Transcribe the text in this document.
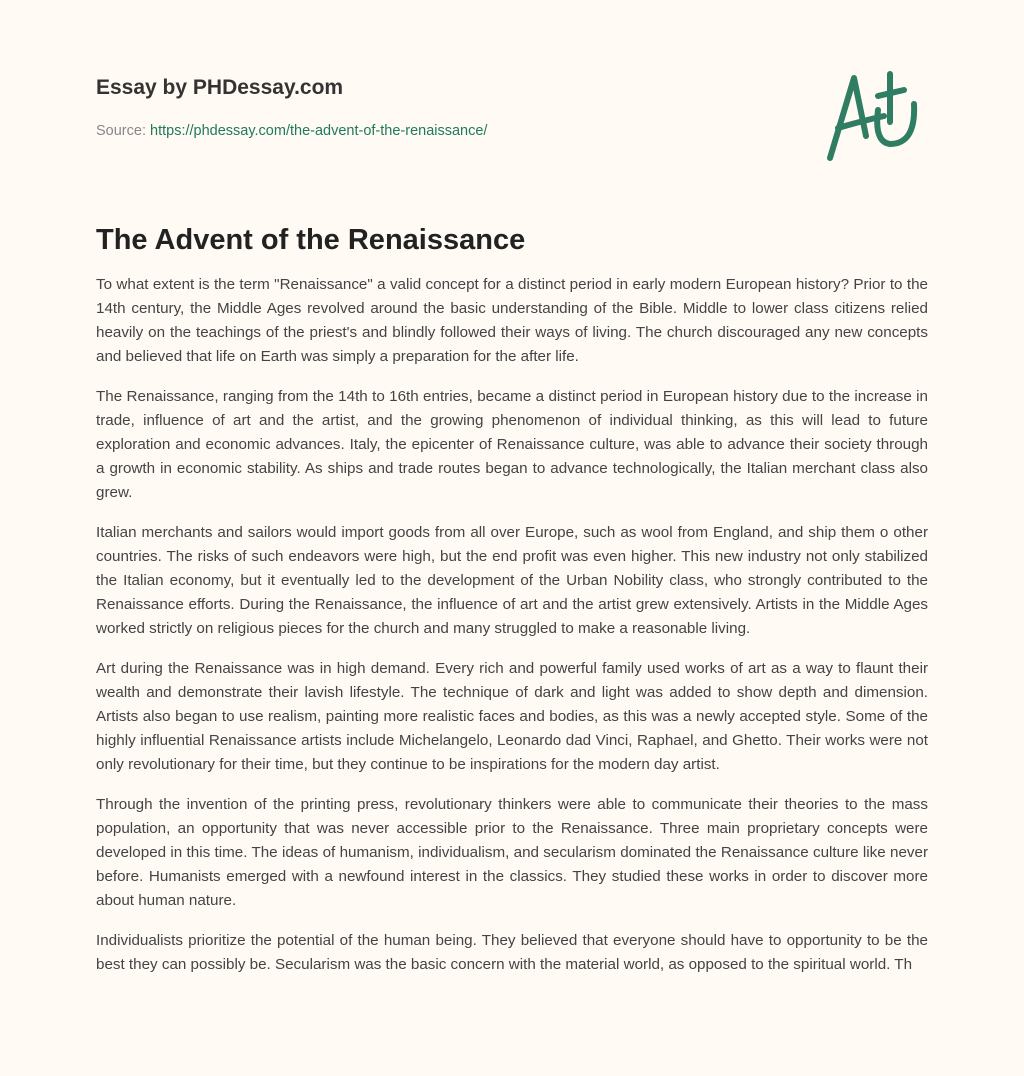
Essay by PHDessay.com

Source: https://phdessay.com/the-advent-of-the-renaissance/
The Advent of the Renaissance

To what extent is the term "Renaissance" a valid concept for a distinct period in early modern European history? Prior to the 14th century, the Middle Ages revolved around the basic understanding of the Bible. Middle to lower class citizens relied heavily on the teachings of the priest's and blindly followed their ways of living. The church discouraged any new concepts and believed that life on Earth was simply a preparation for the after life.

The Renaissance, ranging from the 14th to 16th entries, became a distinct period in European history due to the increase in trade, influence of art and the artist, and the growing phenomenon of individual thinking, as this will lead to future exploration and economic advances. Italy, the epicenter of Renaissance culture, was able to advance their society through a growth in economic stability. As ships and trade routes began to advance technologically, the Italian merchant class also grew.

Italian merchants and sailors would import goods from all over Europe, such as wool from England, and ship them o other countries. The risks of such endeavors were high, but the end profit was even higher. This new industry not only stabilized the Italian economy, but it eventually led to the development of the Urban Nobility class, who strongly contributed to the Renaissance efforts. During the Renaissance, the influence of art and the artist grew extensively. Artists in the Middle Ages worked strictly on religious pieces for the church and many struggled to make a reasonable living.

Art during the Renaissance was in high demand. Every rich and powerful family used works of art as a way to flaunt their wealth and demonstrate their lavish lifestyle. The technique of dark and light was added to show depth and dimension. Artists also began to use realism, painting more realistic faces and bodies, as this was a newly accepted style. Some of the highly influential Renaissance artists include Michelangelo, Leonardo dad Vinci, Raphael, and Ghetto. Their works were not only revolutionary for their time, but they continue to be inspirations for the modern day artist.

Through the invention of the printing press, revolutionary thinkers were able to communicate their theories to the mass population, an opportunity that was never accessible prior to the Renaissance. Three main proprietary concepts were developed in this time. The ideas of humanism, individualism, and secularism dominated the Renaissance culture like never before. Humanists emerged with a newfound interest in the classics. They studied these works in order to discover more about human nature.

Individualists prioritize the potential of the human being. They believed that everyone should have to opportunity to be the best they can possibly be. Secularism was the basic concern with the material world, as opposed to the spiritual world. Th
